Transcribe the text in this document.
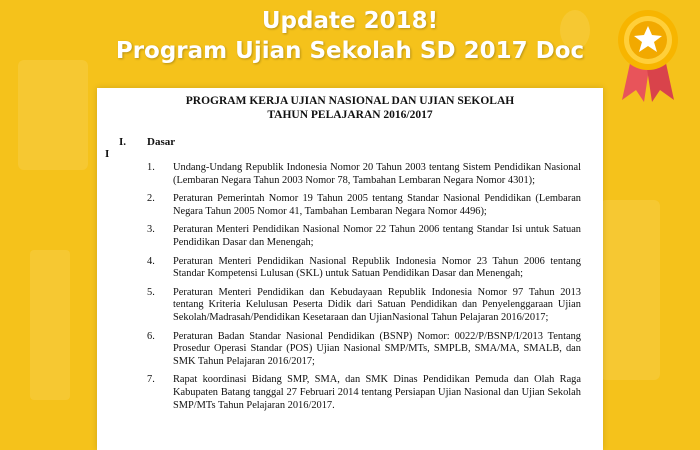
Update 2018!
Program Ujian Sekolah SD 2017 Doc
PROGRAM KERJA UJIAN NASIONAL DAN UJIAN SEKOLAH
TAHUN PELAJARAN 2016/2017
I.
I
Dasar
1. Undang-Undang Republik Indonesia Nomor 20 Tahun 2003 tentang Sistem Pendidikan Nasional (Lembaran Negara Tahun 2003 Nomor 78, Tambahan Lembaran Negara Nomor 4301);
2. Peraturan Pemerintah Nomor 19 Tahun 2005 tentang Standar Nasional Pendidikan (Lembaran Negara Tahun 2005 Nomor 41, Tambahan Lembaran Negara Nomor 4496);
3. Peraturan Menteri Pendidikan Nasional Nomor 22 Tahun 2006 tentang Standar Isi untuk Satuan Pendidikan Dasar dan Menengah;
4. Peraturan Menteri Pendidikan Nasional Republik Indonesia Nomor 23 Tahun 2006 tentang Standar Kompetensi Lulusan (SKL) untuk Satuan Pendidikan Dasar dan Menengah;
5. Peraturan Menteri Pendidikan dan Kebudayaan Republik Indonesia Nomor 97 Tahun 2013 tentang Kriteria Kelulusan Peserta Didik dari Satuan Pendidikan dan Penyelenggaraan Ujian Sekolah/Madrasah/Pendidikan Kesetaraan dan UjianNasional Tahun Pelajaran 2016/2017;
6. Peraturan Badan Standar Nasional Pendidikan (BSNP) Nomor: 0022/P/BSNP/I/2013 Tentang Prosedur Operasi Standar (POS) Ujian Nasional SMP/MTs, SMPLB, SMA/MA, SMALB, dan SMK Tahun Pelajaran 2016/2017;
7. Rapat koordinasi Bidang SMP, SMA, dan SMK Dinas Pendidikan Pemuda dan Olah Raga Kabupaten Batang tanggal 27 Februari 2014 tentang Persiapan Ujian Nasional dan Ujian Sekolah SMP/MTs Tahun Pelajaran 2016/2017.
